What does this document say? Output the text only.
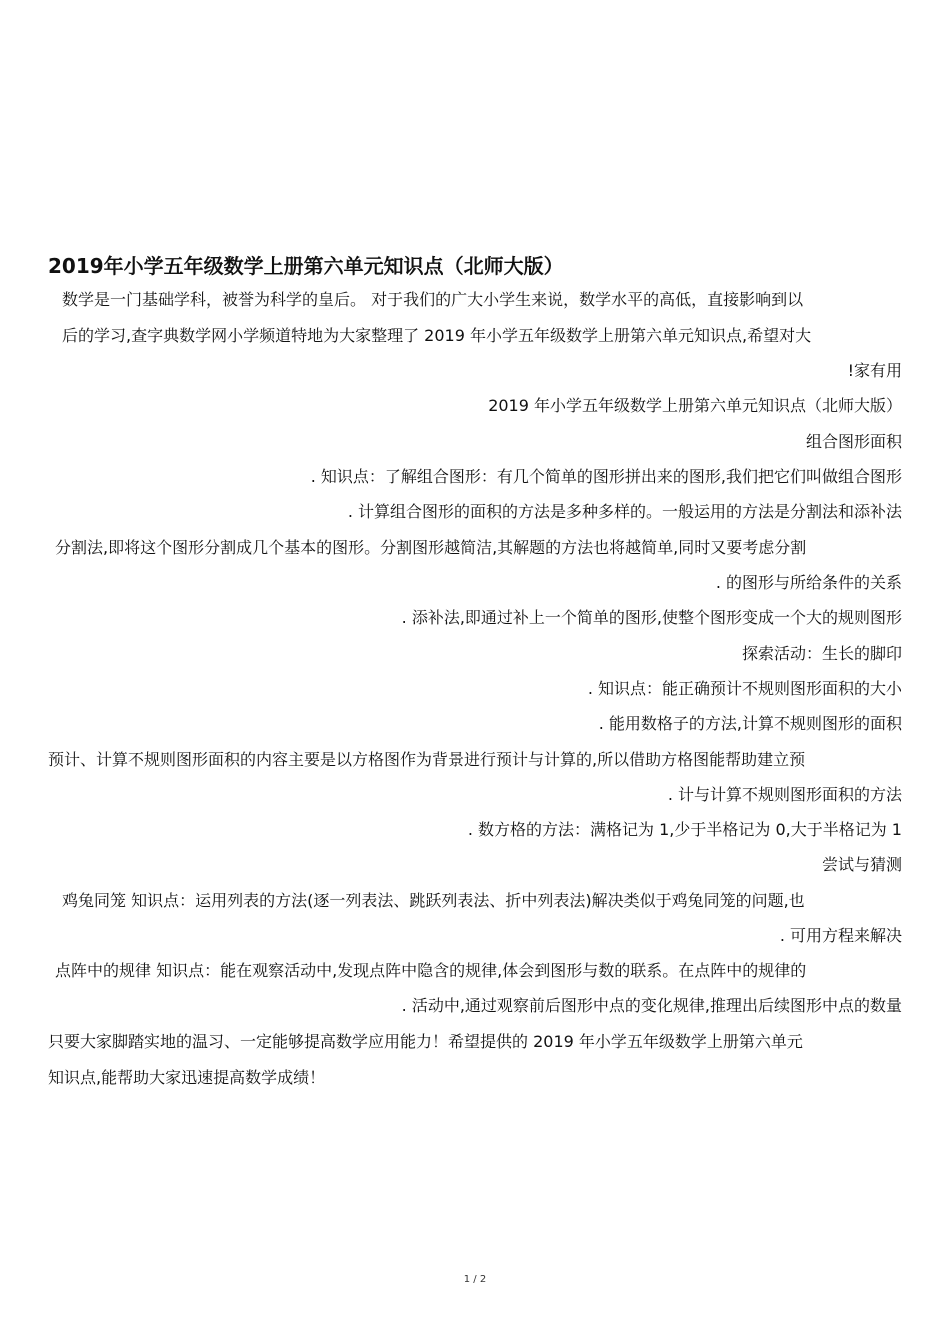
2019年小学五年级数学上册第六单元知识点（北师大版）
数学是一门基础学科，被誉为科学的皇后。 对于我们的广大小学生来说，数学水平的高低，直接影响到以
后的学习,查字典数学网小学频道特地为大家整理了 2019 年小学五年级数学上册第六单元知识点,希望对大
!家有用
2019 年小学五年级数学上册第六单元知识点（北师大版）
组合图形面积
. 知识点：了解组合图形：有几个简单的图形拼出来的图形,我们把它们叫做组合图形
. 计算组合图形的面积的方法是多种多样的。一般运用的方法是分割法和添补法
分割法,即将这个图形分割成几个基本的图形。分割图形越简洁,其解题的方法也将越简单,同时又要考虑分割
. 的图形与所给条件的关系
. 添补法,即通过补上一个简单的图形,使整个图形变成一个大的规则图形
探索活动：生长的脚印
. 知识点：能正确预计不规则图形面积的大小
. 能用数格子的方法,计算不规则图形的面积
预计、计算不规则图形面积的内容主要是以方格图作为背景进行预计与计算的,所以借助方格图能帮助建立预
. 计与计算不规则图形面积的方法
. 数方格的方法：满格记为 1,少于半格记为 0,大于半格记为 1
尝试与猜测
鸡兔同笼 知识点：运用列表的方法(逐一列表法、跳跃列表法、折中列表法)解决类似于鸡兔同笼的问题,也
. 可用方程来解决
点阵中的规律 知识点：能在观察活动中,发现点阵中隐含的规律,体会到图形与数的联系。在点阵中的规律的
. 活动中,通过观察前后图形中点的变化规律,推理出后续图形中点的数量
只要大家脚踏实地的温习、一定能够提高数学应用能力！希望提供的 2019 年小学五年级数学上册第六单元
知识点,能帮助大家迅速提高数学成绩！
1 / 2
